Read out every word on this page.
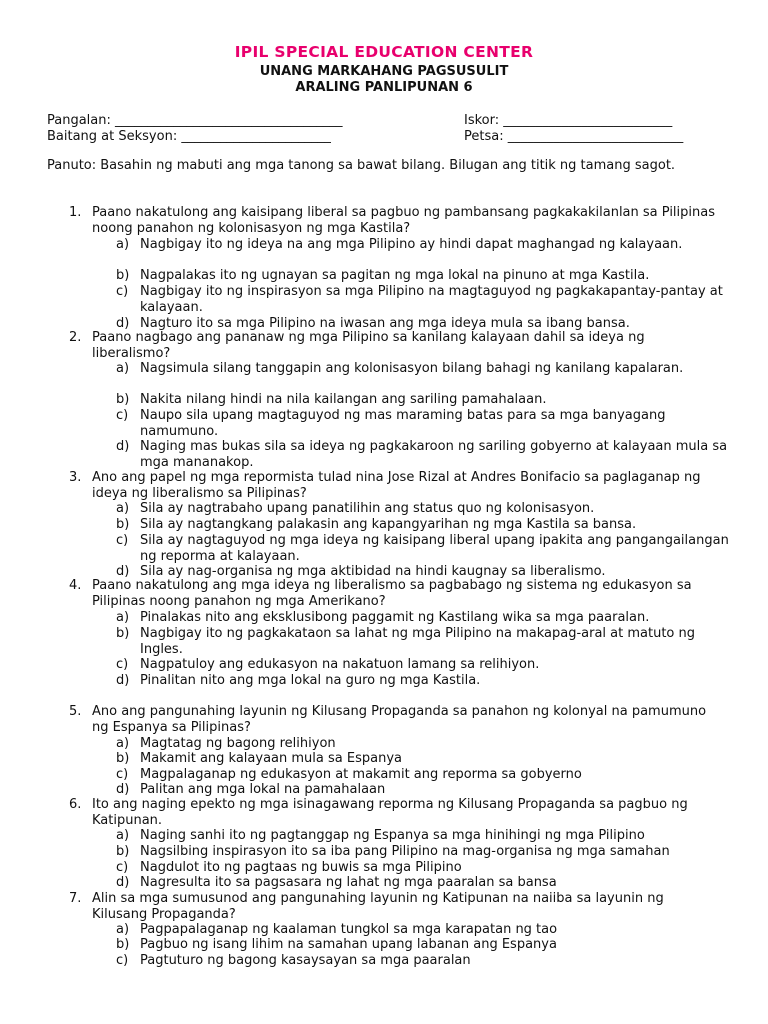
IPIL SPECIAL EDUCATION CENTER
UNANG MARKAHANG PAGSUSULIT
ARALING PANLIPUNAN 6
Pangalan: ___________________________________
Baitang at Seksyon: _______________________
Iskor: __________________________
Petsa: ___________________________
Panuto: Basahin ng mabuti ang mga tanong sa bawat bilang. Bilugan ang titik ng tamang sagot.
1. Paano nakatulong ang kaisipang liberal sa pagbuo ng pambansang pagkakakilanlan sa Pilipinas noong panahon ng kolonisasyon ng mga Kastila?
a) Nagbigay ito ng ideya na ang mga Pilipino ay hindi dapat maghangad ng kalayaan.
b) Nagpalakas ito ng ugnayan sa pagitan ng mga lokal na pinuno at mga Kastila.
c) Nagbigay ito ng inspirasyon sa mga Pilipino na magtaguyod ng pagkakapantay-pantay at kalayaan.
d) Nagturo ito sa mga Pilipino na iwasan ang mga ideya mula sa ibang bansa.
2. Paano nagbago ang pananaw ng mga Pilipino sa kanilang kalayaan dahil sa ideya ng liberalismo?
a) Nagsimula silang tanggapin ang kolonisasyon bilang bahagi ng kanilang kapalaran.
b) Nakita nilang hindi na nila kailangan ang sariling pamahalaan.
c) Naupo sila upang magtaguyod ng mas maraming batas para sa mga banyagang namumuno.
d) Naging mas bukas sila sa ideya ng pagkakaroon ng sariling gobyerno at kalayaan mula sa mga mananakop.
3. Ano ang papel ng mga repormista tulad nina Jose Rizal at Andres Bonifacio sa paglaganap ng ideya ng liberalismo sa Pilipinas?
a) Sila ay nagtrabaho upang panatilihin ang status quo ng kolonisasyon.
b) Sila ay nagtangkang palakasin ang kapangyarihan ng mga Kastila sa bansa.
c) Sila ay nagtaguyod ng mga ideya ng kaisipang liberal upang ipakita ang pangangailangan ng reporma at kalayaan.
d) Sila ay nag-organisa ng mga aktibidad na hindi kaugnay sa liberalismo.
4. Paano nakatulong ang mga ideya ng liberalismo sa pagbabago ng sistema ng edukasyon sa Pilipinas noong panahon ng mga Amerikano?
a) Pinalakas nito ang eksklusibong paggamit ng Kastilang wika sa mga paaralan.
b) Nagbigay ito ng pagkakataon sa lahat ng mga Pilipino na makapag-aral at matuto ng Ingles.
c) Nagpatuloy ang edukasyon na nakatuon lamang sa relihiyon.
d) Pinalitan nito ang mga lokal na guro ng mga Kastila.
5. Ano ang pangunahing layunin ng Kilusang Propaganda sa panahon ng kolonyal na pamumuno ng Espanya sa Pilipinas?
a) Magtatag ng bagong relihiyon
b) Makamit ang kalayaan mula sa Espanya
c) Magpalaganap ng edukasyon at makamit ang reporma sa gobyerno
d) Palitan ang mga lokal na pamahalaan
6. Ito ang naging epekto ng mga isinagawang reporma ng Kilusang Propaganda sa pagbuo ng Katipunan.
a) Naging sanhi ito ng pagtanggap ng Espanya sa mga hinihingi ng mga Pilipino
b) Nagsilbing inspirasyon ito sa iba pang Pilipino na mag-organisa ng mga samahan
c) Nagdulot ito ng pagtaas ng buwis sa mga Pilipino
d) Nagresulta ito sa pagsasara ng lahat ng mga paaralan sa bansa
7. Alin sa mga sumusunod ang pangunahing layunin ng Katipunan na naiiba sa layunin ng Kilusang Propaganda?
a) Pagpapalaganap ng kaalaman tungkol sa mga karapatan ng tao
b) Pagbuo ng isang lihim na samahan upang labanan ang Espanya
c) Pagtuturo ng bagong kasaysayan sa mga paaralan
